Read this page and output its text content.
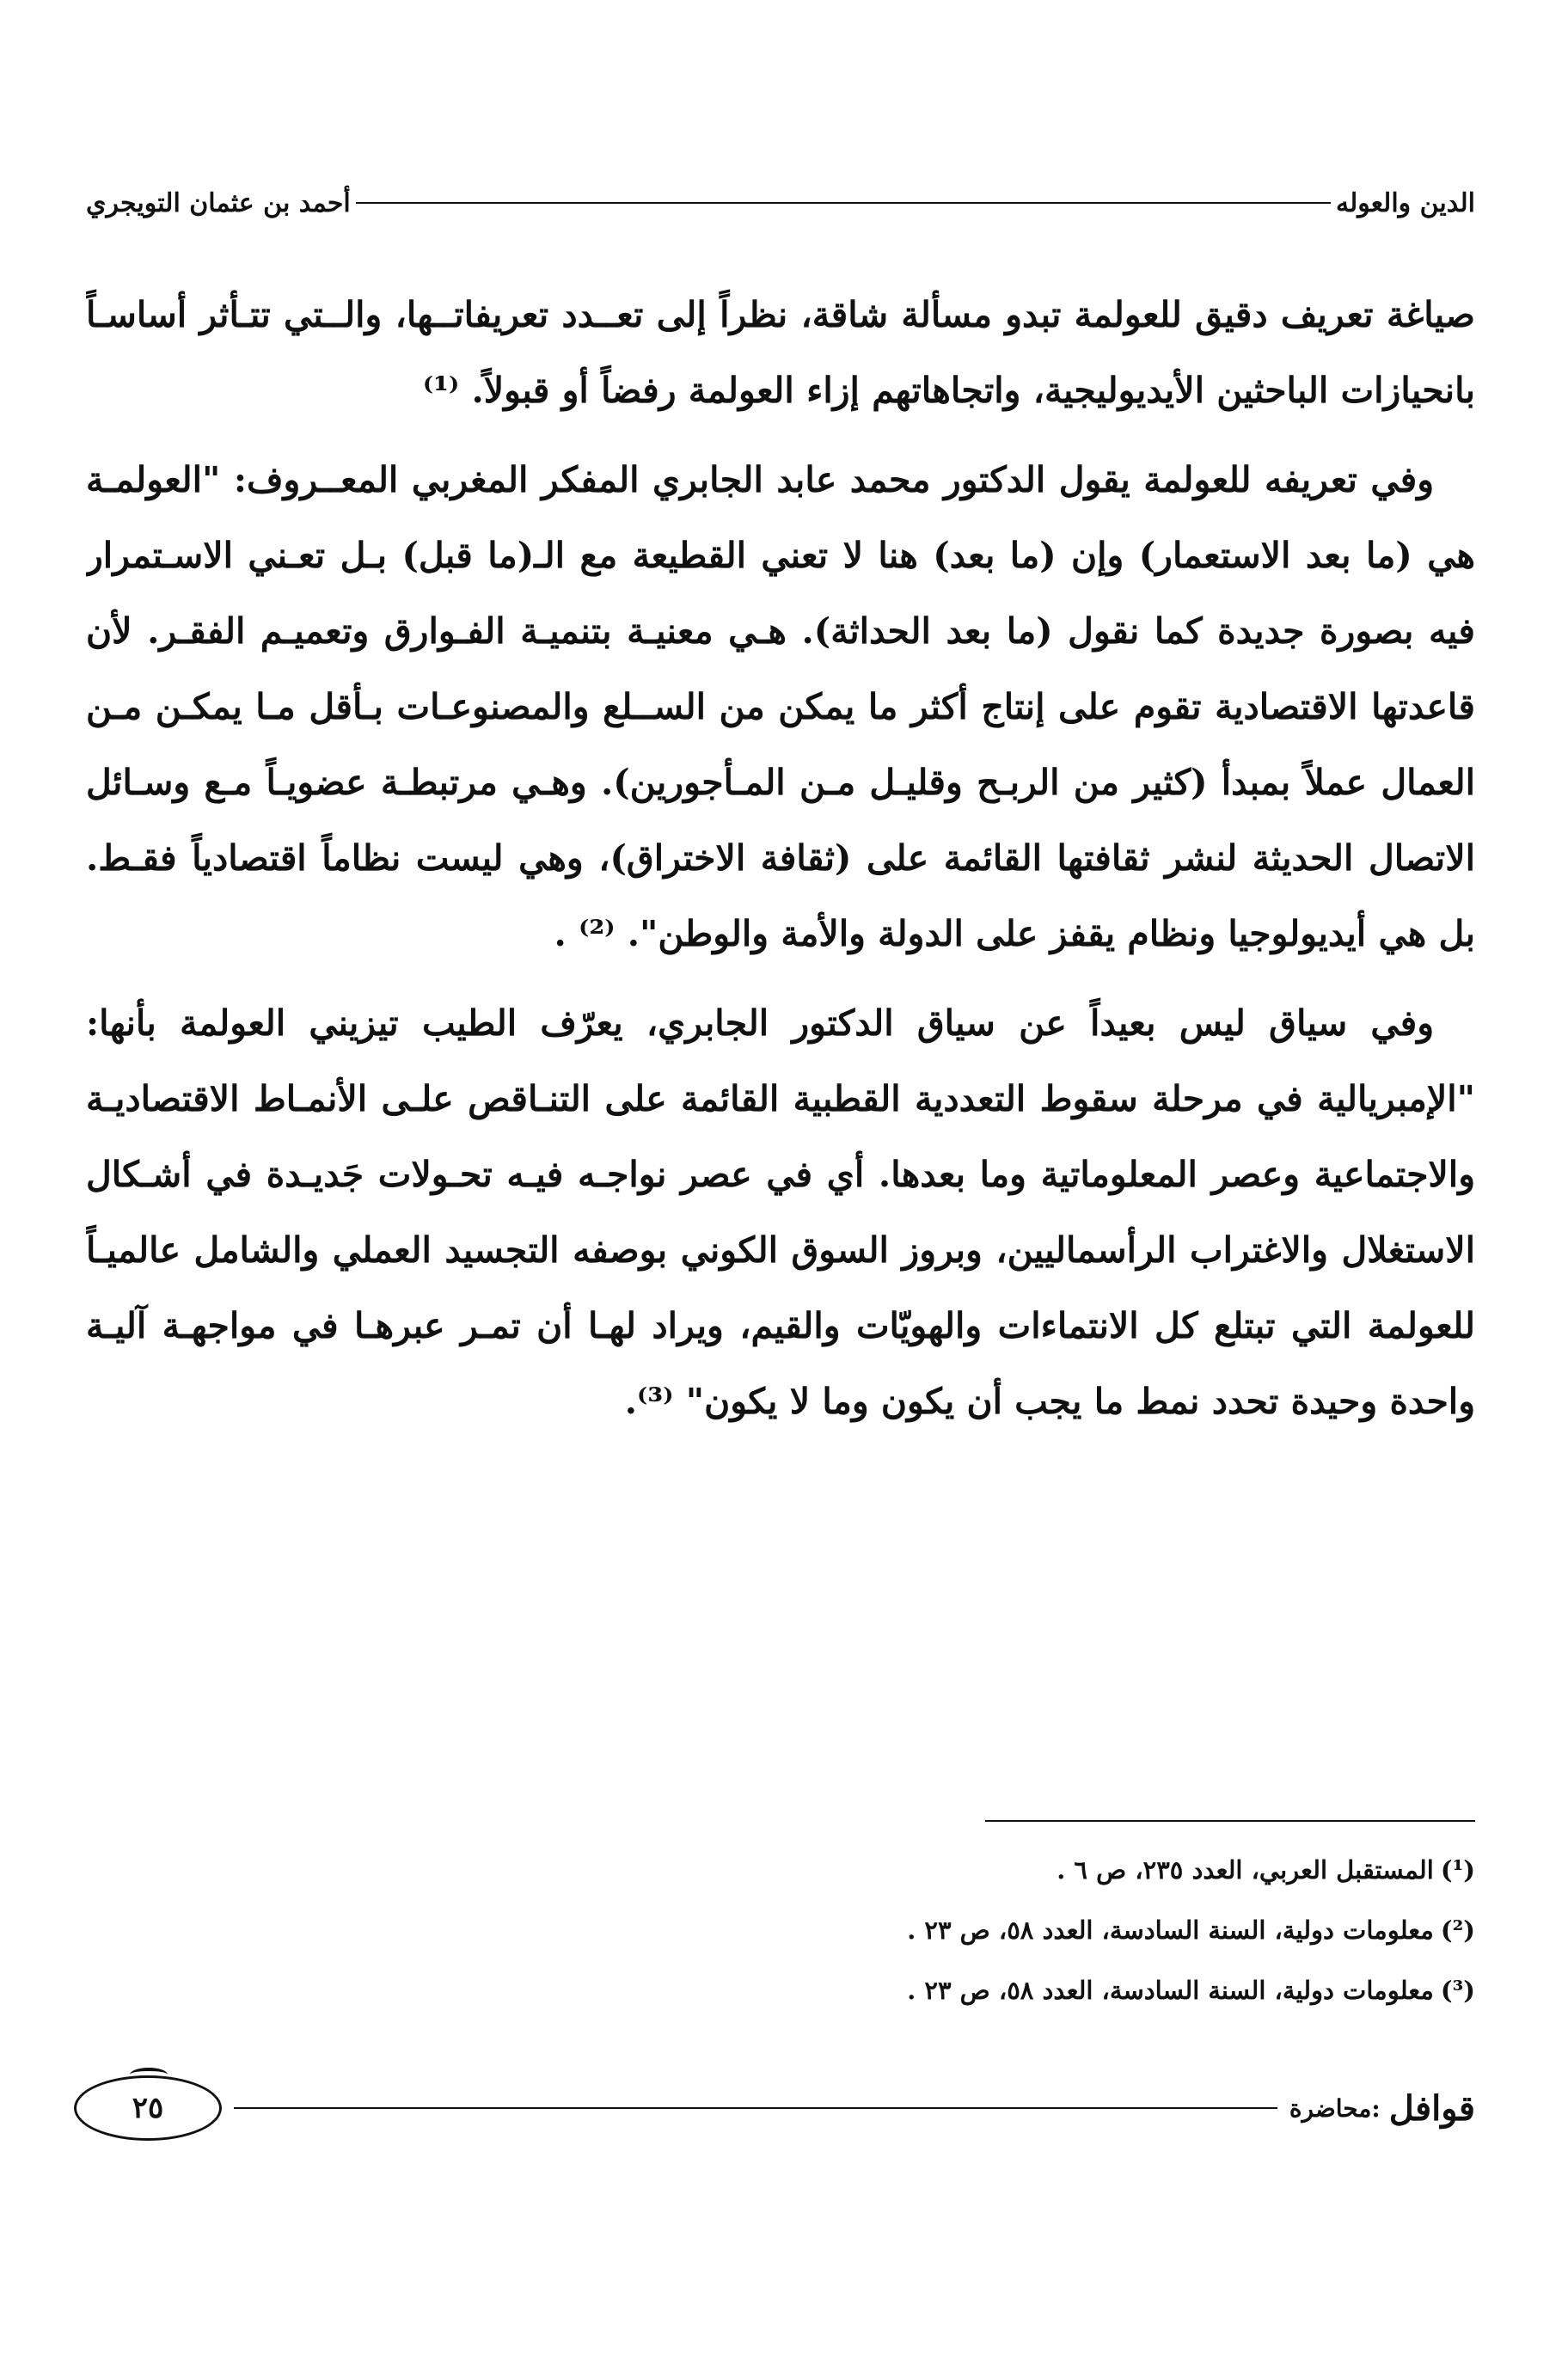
الدين والعوله
أحمد بن عثمان التويجري
صياغة تعريف دقيق للعولمة تبدو مسألة شاقة، نظراً إلى تعــدد تعريفاتــها، والــتي تتـأثر أساسـاً
بانحيازات الباحثين الأيديوليجية، واتجاهاتهم إزاء العولمة رفضاً أو قبولاً. ⁽¹⁾
وفي تعريفه للعولمة يقول الدكتور محمد عابد الجابري المفكر المغربي المعــروف: "العولمـة
هي (ما بعد الاستعمار) وإن (ما بعد) هنا لا تعني القطيعة مع الـ(ما قبل) بـل تعـني الاسـتمرار
فيه بصورة جديدة كما نقول (ما بعد الحداثة). هـي معنيـة بتنميـة الفـوارق وتعميـم الفقـر. لأن
قاعدتها الاقتصادية تقوم على إنتاج أكثر ما يمكن من الســلع والمصنوعـات بـأقل مـا يمكـن مـن
العمال عملاً بمبدأ (كثير من الربـح وقليـل مـن المـأجورين). وهـي مرتبطـة عضويـاً مـع وسـائل
الاتصال الحديثة لنشر ثقافتها القائمة على (ثقافة الاختراق)، وهي ليست نظاماً اقتصادياً فقـط.
بل هي أيديولوجيا ونظام يقفز على الدولة والأمة والوطن". ⁽²⁾ .
وفي سياق ليس بعيداً عن سياق الدكتور الجابري، يعرّف الطيب تيزيني العولمة بأنها:
"الإمبريالية في مرحلة سقوط التعددية القطبية القائمة على التنـاقص علـى الأنمـاط الاقتصاديـة
والاجتماعية وعصر المعلوماتية وما بعدها. أي في عصر نواجـه فيـه تحـولات جَديـدة في أشـكال
الاستغلال والاغتراب الرأسماليين، وبروز السوق الكوني بوصفه التجسيد العملي والشامل عالميـاً
للعولمة التي تبتلع كل الانتماءات والهويّات والقيم، ويراد لهـا أن تمـر عبرهـا في مواجهـة آليـة
واحدة وحيدة تحدد نمط ما يجب أن يكون وما لا يكون" ⁽³⁾.
(¹)المستقبل العربي، العدد ٢٣٥، ص ٦ .
(²)معلومات دولية، السنة السادسة، العدد ٥٨، ص ٢٣ .
(³)معلومات دولية، السنة السادسة، العدد ٥٨، ص ٢٣ .
قوافل
:محاضرة
٢٥
